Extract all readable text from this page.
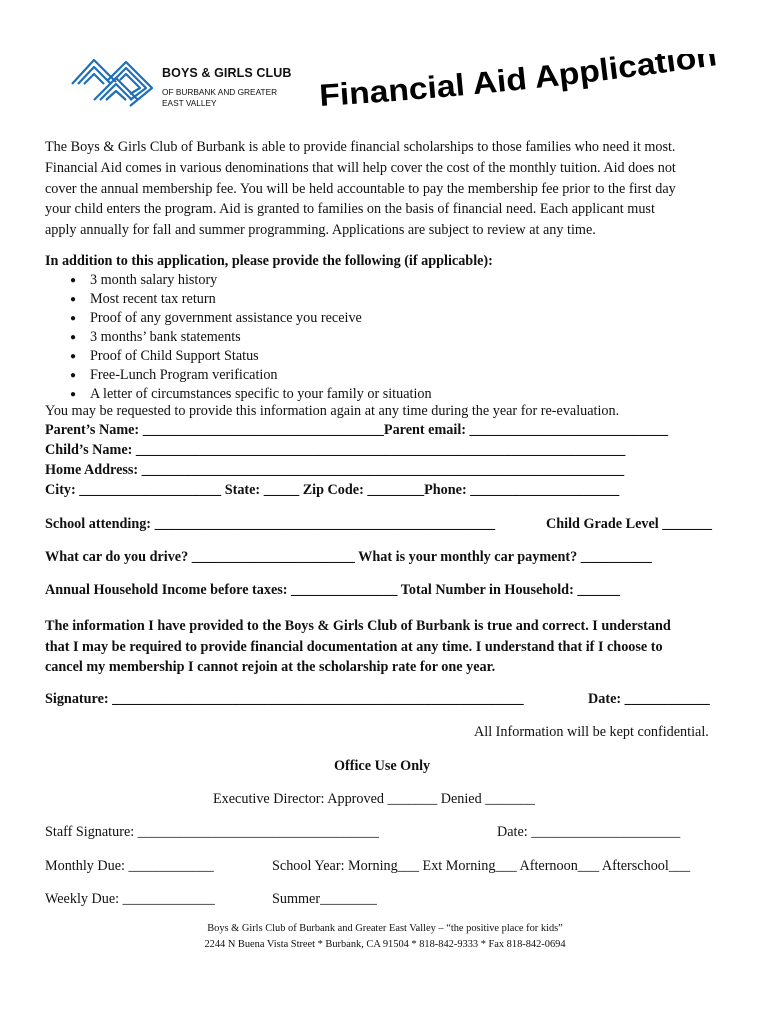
BOYS & GIRLS CLUB
OF BURBANK AND GREATER
EAST VALLEY	Financial Aid Application
The Boys & Girls Club of Burbank is able to provide financial scholarships to those families who need it most.
Financial Aid comes in various denominations that will help cover the cost of the monthly tuition. Aid does not
cover the annual membership fee. You will be held accountable to pay the membership fee prior to the first day
your child enters the program. Aid is granted to families on the basis of financial need. Each applicant must
apply annually for fall and summer programming. Applications are subject to review at any time.
In addition to this application, please provide the following (if applicable):
● 3 month salary history
● Most recent tax return
● Proof of any government assistance you receive
● 3 months’ bank statements
● Proof of Child Support Status
● Free-Lunch Program verification
● A letter of circumstances specific to your family or situation
You may be requested to provide this information again at any time during the year for re-evaluation.
Parent’s Name: __________________________________Parent email: ____________________________
Child’s Name: _____________________________________________________________________
Home Address: ____________________________________________________________________
City: ____________________ State: _____ Zip Code: ________Phone: _____________________
School attending: ________________________________________________	Child Grade Level _______
What car do you drive? _______________________ What is your monthly car payment? __________
Annual Household Income before taxes: _______________ Total Number in Household: ______
The information I have provided to the Boys & Girls Club of Burbank is true and correct. I understand
that I may be required to provide financial documentation at any time. I understand that if I choose to
cancel my membership I cannot rejoin at the scholarship rate for one year.
Signature: __________________________________________________________	Date: ____________
All Information will be kept confidential.
Office Use Only
Executive Director: Approved _______ Denied _______
Staff Signature: __________________________________	Date: _____________________
Monthly Due: ____________	School Year: Morning___ Ext Morning___ Afternoon___ Afterschool___
Weekly Due: _____________	Summer________
Boys & Girls Club of Burbank and Greater East Valley – “the positive place for kids”
2244 N Buena Vista Street * Burbank, CA 91504 * 818-842-9333 * Fax 818-842-0694
